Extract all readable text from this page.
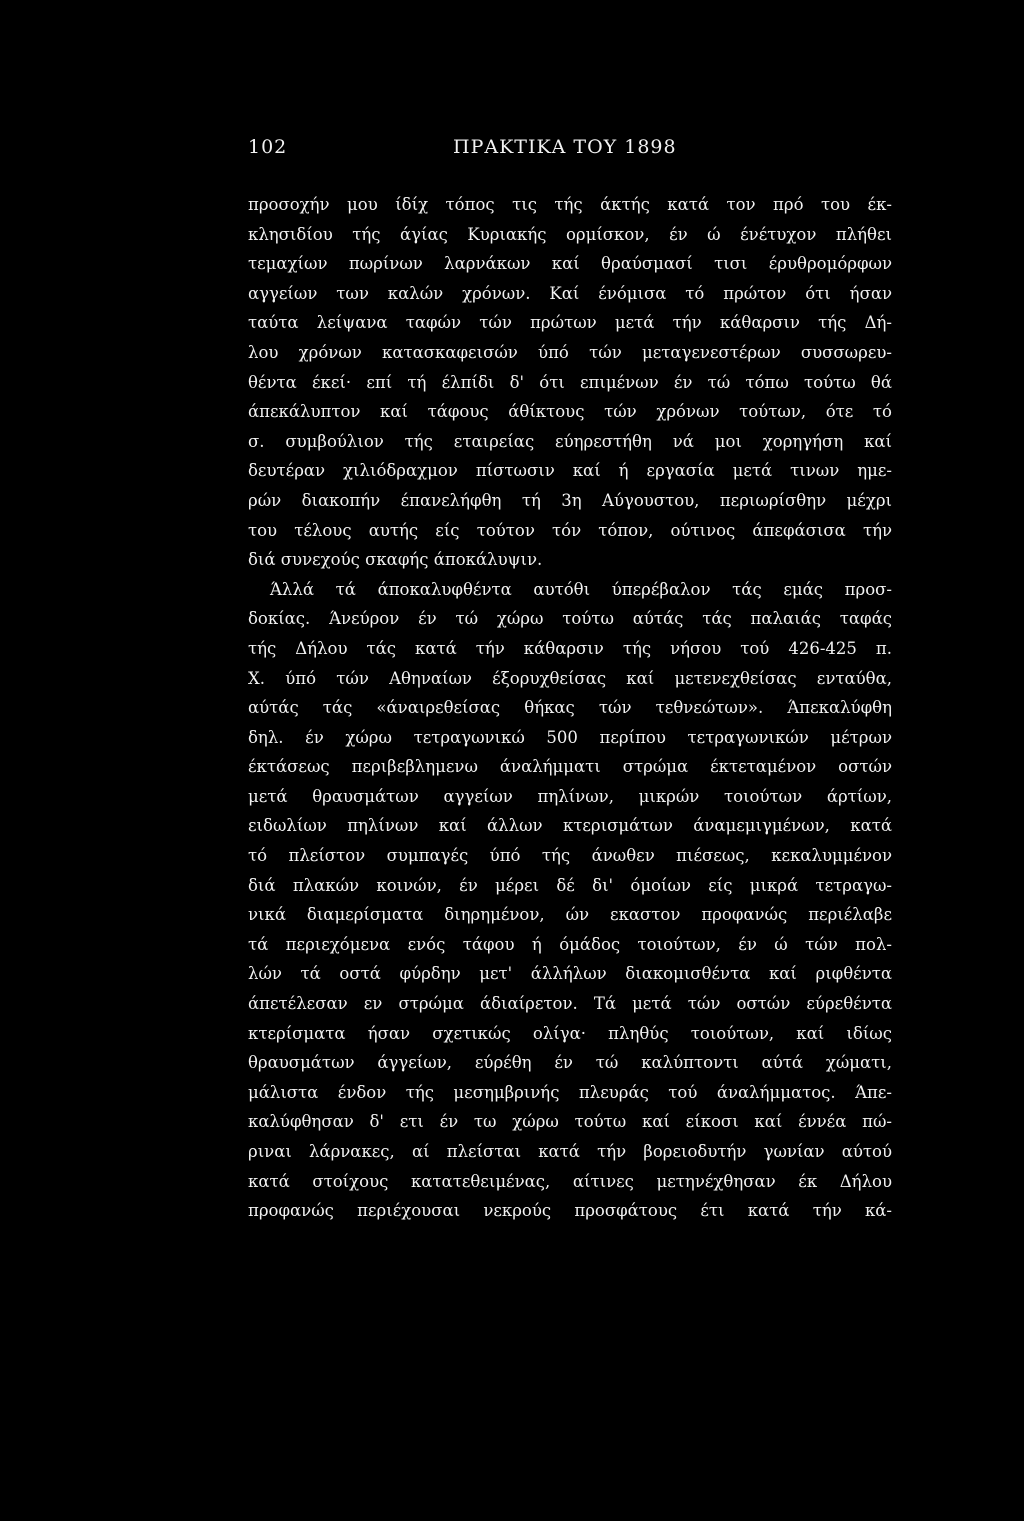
102	ΠΡΑΚΤΙΚΑ ΤΟΥ 1898
προσοχήν μου ίδίχ τόπος τις τής άκτής κατά τον πρό του έκ-
κλησιδίου τής άγίας Κυριακής ορμίσκον, έν ώ ένέτυχον πλήθει
τεμαχίων πωρίνων λαρνάκων καί θραύσμασί τισι έρυθρομόρφων
αγγείων των καλών χρόνων. Καί ένόμισα τό πρώτον ότι ήσαν
ταύτα λείψανα ταφών τών πρώτων μετά τήν κάθαρσιν τής Δή-
λου χρόνων κατασκαφεισών ύπό τών μεταγενεστέρων συσσωρευ-
θέντα έκεί· επί τή έλπίδι δ' ότι επιμένων έν τώ τόπω τούτω θά
άπεκάλυπτον καί τάφους άθίκτους τών χρόνων τούτων, ότε τό
σ. συμβούλιον τής εταιρείας εύηρεστήθη νά μοι χορηγήση καί
δευτέραν χιλιόδραχμον πίστωσιν καί ή εργασία μετά τινων ημε-
ρών διακοπήν έπανελήφθη τή 3η Αύγουστου, περιωρίσθην μέχρι
του τέλους αυτής είς τούτον τόν τόπον, ούτινος άπεφάσισα τήν
διά συνεχούς σκαφής άποκάλυψιν.
Άλλά τά άποκαλυφθέντα αυτόθι ύπερέβαλον τάς εμάς προσ-
δοκίας. Άνεύρον έν τώ χώρω τούτω αύτάς τάς παλαιάς ταφάς
τής Δήλου τάς κατά τήν κάθαρσιν τής νήσου τού 426-425 π.
Χ. ύπό τών Αθηναίων έξορυχθείσας καί μετενεχθείσας ενταύθα,
αύτάς τάς «άναιρεθείσας θήκας τών τεθνεώτων». Άπεκαλύφθη
δηλ. έν χώρω τετραγωνικώ 500 περίπου τετραγωνικών μέτρων
έκτάσεως περιβεβλημενω άναλήμματι στρώμα έκτεταμένον οστών
μετά θραυσμάτων αγγείων πηλίνων, μικρών τοιούτων άρτίων,
ειδωλίων πηλίνων καί άλλων κτερισμάτων άναμεμιγμένων, κατά
τό πλείστον συμπαγές ύπό τής άνωθεν πιέσεως, κεκαλυμμένον
διά πλακών κοινών, έν μέρει δέ δι' όμοίων είς μικρά τετραγω-
νικά διαμερίσματα διηρημένον, ών εκαστον προφανώς περιέλαβε
τά περιεχόμενα ενός τάφου ή όμάδος τοιούτων, έν ώ τών πολ-
λών τά οστά φύρδην μετ' άλλήλων διακομισθέντα καί ριφθέντα
άπετέλεσαν εν στρώμα άδιαίρετον. Τά μετά τών οστών εύρεθέντα
κτερίσματα ήσαν σχετικώς ολίγα· πληθύς τοιούτων, καί ιδίως
θραυσμάτων άγγείων, εύρέθη έν τώ καλύπτοντι αύτά χώματι,
μάλιστα ένδον τής μεσημβρινής πλευράς τού άναλήμματος. Άπε-
καλύφθησαν δ' ετι έν τω χώρω τούτω καί είκοσι καί έννέα πώ-
ριναι λάρνακες, αί πλείσται κατά τήν βορειοδυτήν γωνίαν αύτού
κατά στοίχους κατατεθειμένας, αίτινες μετηνέχθησαν έκ Δήλου
προφανώς περιέχουσαι νεκρούς προσφάτους έτι κατά τήν κά-
